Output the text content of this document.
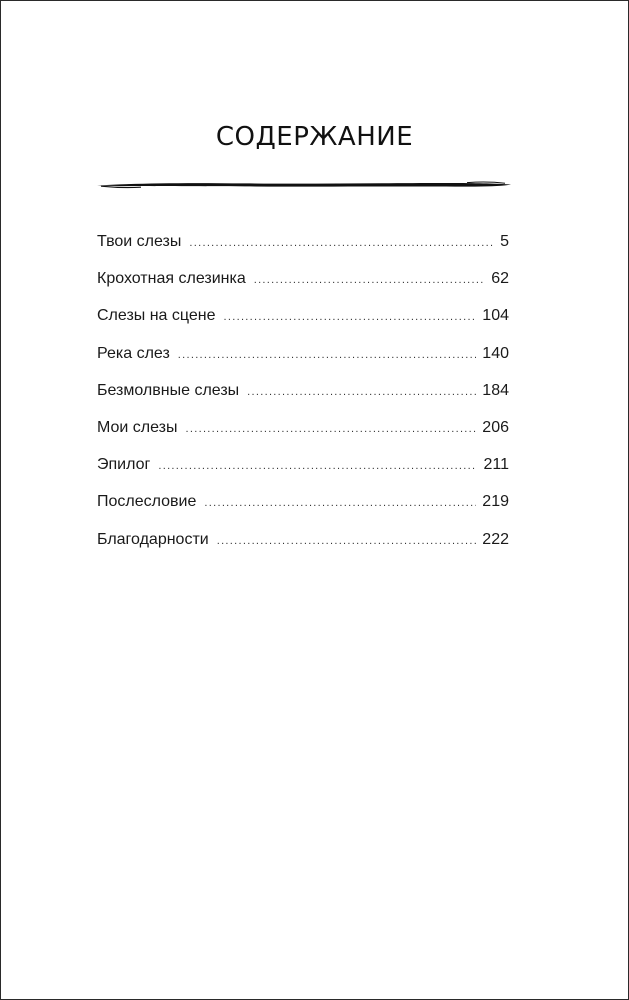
СОДЕРЖАНИЕ
Твои слезы .....	5
Крохотная слезинка .....	62
Слезы на сцене .....	104
Река слез .....	140
Безмолвные слезы .....	184
Мои слезы .....	206
Эпилог .....	211
Послесловие .....	219
Благодарности .....	222
